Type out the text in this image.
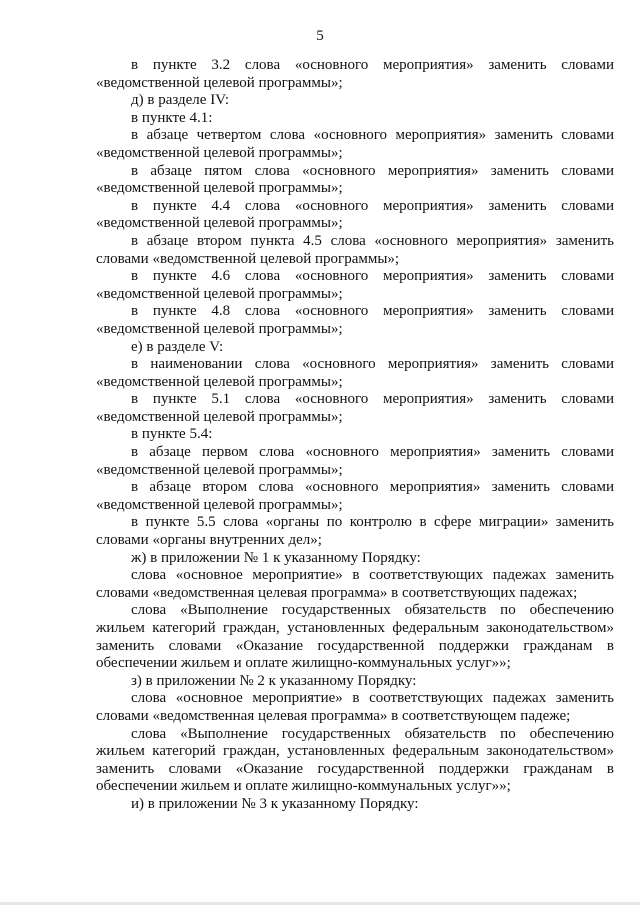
5

в пункте 3.2 слова «основного мероприятия» заменить словами «ведомственной целевой программы»;

д) в разделе IV:

в пункте 4.1:

в абзаце четвертом слова «основного мероприятия» заменить словами «ведомственной целевой программы»;

в абзаце пятом слова «основного мероприятия» заменить словами «ведомственной целевой программы»;

в пункте 4.4 слова «основного мероприятия» заменить словами «ведомственной целевой программы»;

в абзаце втором пункта 4.5 слова «основного мероприятия» заменить словами «ведомственной целевой программы»;

в пункте 4.6 слова «основного мероприятия» заменить словами «ведомственной целевой программы»;

в пункте 4.8 слова «основного мероприятия» заменить словами «ведомственной целевой программы»;

е) в разделе V:

в наименовании слова «основного мероприятия» заменить словами «ведомственной целевой программы»;

в пункте 5.1 слова «основного мероприятия» заменить словами «ведомственной целевой программы»;

в пункте 5.4:

в абзаце первом слова «основного мероприятия» заменить словами «ведомственной целевой программы»;

в абзаце втором слова «основного мероприятия» заменить словами «ведомственной целевой программы»;

в пункте 5.5 слова «органы по контролю в сфере миграции» заменить словами «органы внутренних дел»;

ж) в приложении № 1 к указанному Порядку:

слова «основное мероприятие» в соответствующих падежах заменить словами «ведомственная целевая программа» в соответствующих падежах;

слова «Выполнение государственных обязательств по обеспечению жильем категорий граждан, установленных федеральным законодательством» заменить словами «Оказание государственной поддержки гражданам в обеспечении жильем и оплате жилищно-коммунальных услуг»»;

з) в приложении № 2 к указанному Порядку:

слова «основное мероприятие» в соответствующих падежах заменить словами «ведомственная целевая программа» в соответствующем падеже;

слова «Выполнение государственных обязательств по обеспечению жильем категорий граждан, установленных федеральным законодательством» заменить словами «Оказание государственной поддержки гражданам в обеспечении жильем и оплате жилищно-коммунальных услуг»»;

и) в приложении № 3 к указанному Порядку:
